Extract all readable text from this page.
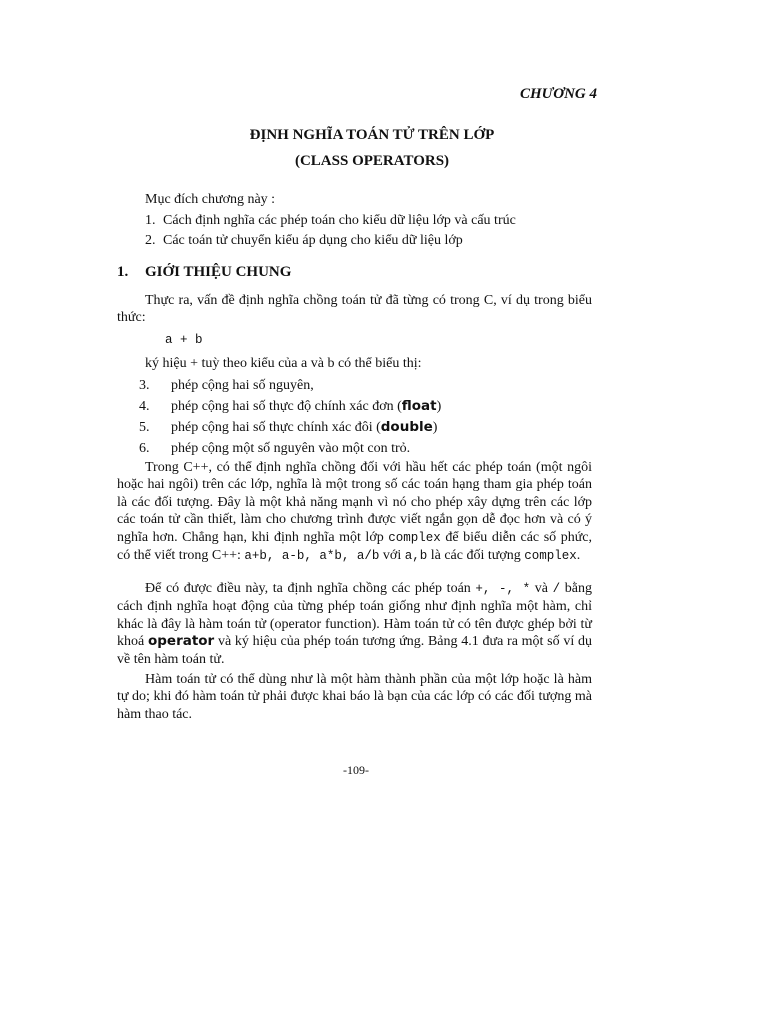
CHƯƠNG 4
ĐỊNH NGHĨA TOÁN TỬ TRÊN LỚP
(CLASS OPERATORS)
Mục đích chương này :
1. Cách định nghĩa các phép toán cho kiểu dữ liệu lớp và cấu trúc
2. Các toán tử chuyển kiểu áp dụng cho kiểu dữ liệu lớp
1. GIỚI THIỆU CHUNG

Thực ra, vấn đề định nghĩa chồng toán tử đã từng có trong C, ví dụ trong biểu thức:

a + b
ký hiệu + tuỳ theo kiểu của a và b có thể biểu thị:
3. phép cộng hai số nguyên,
4. phép cộng hai số thực độ chính xác đơn (float)
5. phép cộng hai số thực chính xác đôi (double)
6. phép cộng một số nguyên vào một con trỏ.

Trong C++, có thể định nghĩa chồng đối với hầu hết các phép toán (một ngôi hoặc hai ngôi) trên các lớp, nghĩa là một trong số các toán hạng tham gia phép toán là các đối tượng. Đây là một khả năng mạnh vì nó cho phép xây dựng trên các lớp các toán tử cần thiết, làm cho chương trình được viết ngắn gọn dễ đọc hơn và có ý nghĩa hơn. Chẳng hạn, khi định nghĩa một lớp complex để biểu diễn các số phức, có thể viết trong C++: a+b, a-b, a*b, a/b với a,b là các đối tượng complex.

Để có được điều này, ta định nghĩa chồng các phép toán +, -, * và / bằng cách định nghĩa hoạt động của từng phép toán giống như định nghĩa một hàm, chỉ khác là đây là hàm toán tử (operator function). Hàm toán tử có tên được ghép bởi từ khoá operator và ký hiệu của phép toán tương ứng. Bảng 4.1 đưa ra một số ví dụ về tên hàm toán tử.

Hàm toán tử có thể dùng như là một hàm thành phần của một lớp hoặc là hàm tự do; khi đó hàm toán tử phải được khai báo là bạn của các lớp có các đối tượng mà hàm thao tác.

-109-
